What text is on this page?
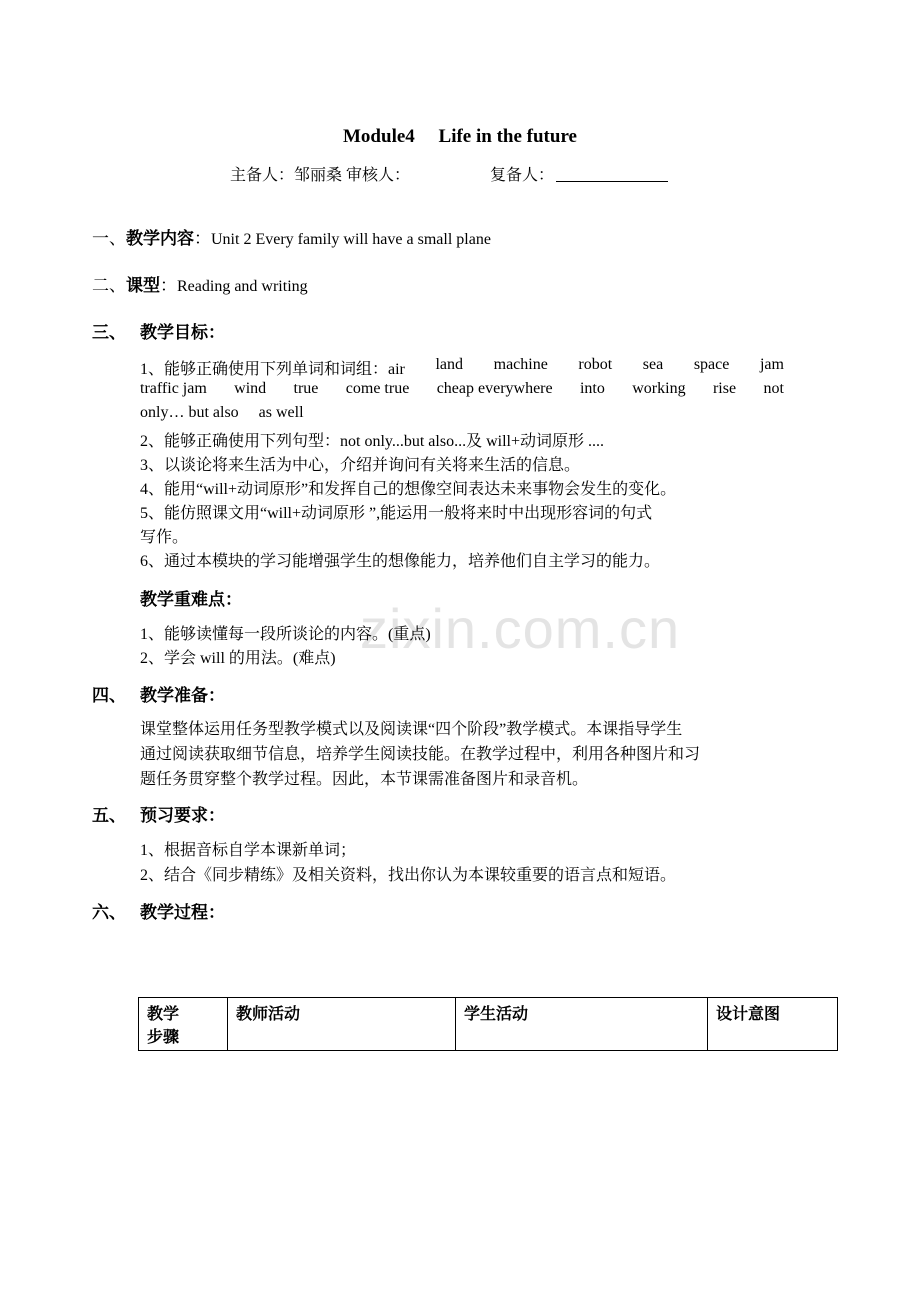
zixin.com.cn
Module4  Life in the future
主备人：邹丽桑 审核人：	复备人：
一、教学内容：Unit 2 Every family will have a small plane
二、课型：Reading and writing
三、 教学目标：
1、能够正确使用下列单词和词组：air land machine robot sea space jam
traffic jam wind true come true cheap everywhere into working rise not
only… but also  as well
2、能够正确使用下列句型：not only...but also...及 will+动词原形 ....
3、以谈论将来生活为中心，介绍并询问有关将来生活的信息。
4、能用“will+动词原形”和发挥自己的想像空间表达未来事物会发生的变化。
5、能仿照课文用“will+动词原形 ”,能运用一般将来时中出现形容词的句式
写作。
6、通过本模块的学习能增强学生的想像能力，培养他们自主学习的能力。
教学重难点：
1、能够读懂每一段所谈论的内容。(重点)
2、学会 will 的用法。(难点)
四、 教学准备：
课堂整体运用任务型教学模式以及阅读课“四个阶段”教学模式。本课指导学生
通过阅读获取细节信息，培养学生阅读技能。在教学过程中，利用各种图片和习
题任务贯穿整个教学过程。因此，本节课需准备图片和录音机。
五、 预习要求：
1、根据音标自学本课新单词；
2、结合《同步精练》及相关资料，找出你认为本课较重要的语言点和短语。
六、 教学过程：
教学
步骤
	教师活动	学生活动	设计意图
